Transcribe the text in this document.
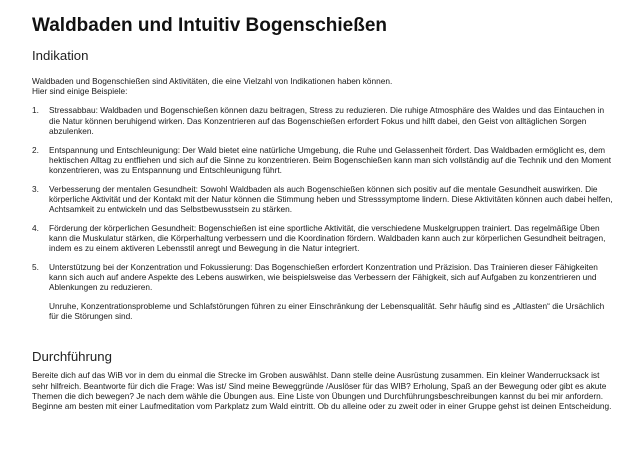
Waldbaden und Intuitiv Bogenschießen
Indikation

Waldbaden und Bogenschießen sind Aktivitäten, die eine Vielzahl von Indikationen haben können.
Hier sind einige Beispiele:

1. Stressabbau: Waldbaden und Bogenschießen können dazu beitragen, Stress zu reduzieren. Die ruhige Atmosphäre des Waldes und das Eintauchen in die Natur können beruhigend wirken. Das Konzentrieren auf das Bogenschießen erfordert Fokus und hilft dabei, den Geist von alltäglichen Sorgen abzulenken.
2. Entspannung und Entschleunigung: Der Wald bietet eine natürliche Umgebung, die Ruhe und Gelassenheit fördert. Das Waldbaden ermöglicht es, dem hektischen Alltag zu entfliehen und sich auf die Sinne zu konzentrieren. Beim Bogenschießen kann man sich vollständig auf die Technik und den Moment konzentrieren, was zu Entspannung und Entschleunigung führt.
3. Verbesserung der mentalen Gesundheit: Sowohl Waldbaden als auch Bogenschießen können sich positiv auf die mentale Gesundheit auswirken. Die körperliche Aktivität und der Kontakt mit der Natur können die Stimmung heben und Stresssymptome lindern. Diese Aktivitäten können auch dabei helfen, Achtsamkeit zu entwickeln und das Selbstbewusstsein zu stärken.
4. Förderung der körperlichen Gesundheit: Bogenschießen ist eine sportliche Aktivität, die verschiedene Muskelgruppen trainiert. Das regelmäßige Üben kann die Muskulatur stärken, die Körperhaltung verbessern und die Koordination fördern. Waldbaden kann auch zur körperlichen Gesundheit beitragen, indem es zu einem aktiveren Lebensstil anregt und Bewegung in die Natur integriert.
5. Unterstützung bei der Konzentration und Fokussierung: Das Bogenschießen erfordert Konzentration und Präzision. Das Trainieren dieser Fähigkeiten kann sich auch auf andere Aspekte des Lebens auswirken, wie beispielsweise das Verbessern der Fähigkeit, sich auf Aufgaben zu konzentrieren und Ablenkungen zu reduzieren.

Unruhe, Konzentrationsprobleme und Schlafstörungen führen zu einer Einschränkung der Lebensqualität. Sehr häufig sind es „Altlasten“ die Ursächlich für die Störungen sind.

Durchführung

Bereite dich auf das WiB vor in dem du einmal die Strecke im Groben auswählst. Dann stelle deine Ausrüstung zusammen. Ein kleiner Wanderrucksack ist sehr hilfreich. Beantworte für dich die Frage: Was ist/ Sind meine Beweggründe /Auslöser für das WIB? Erholung, Spaß an der Bewegung oder gibt es akute Themen die dich bewegen? Je nach dem wähle die Übungen aus. Eine Liste von Übungen und Durchführungsbeschreibungen kannst du bei mir anfordern. Beginne am besten mit einer Laufmeditation vom Parkplatz zum Wald eintritt. Ob du alleine oder zu zweit oder in einer Gruppe gehst ist deinen Entscheidung.
